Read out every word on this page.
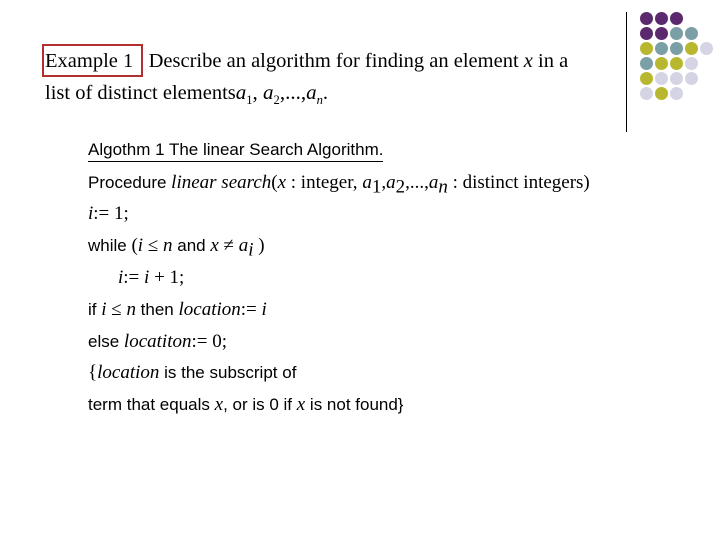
Example 1 Describe an algorithm for finding an element x in a
list of distinct elementsa$_1$, $a_2,...,a_n$.
Algothm 1 The linear Search Algorithm.
Procedure linear search(x : integer, $a_1,a_2,...,a_n$ : distinct integers)
i:= 1;
while (i ≤ n and $x \ne a_i$ )
i:= i + 1;
if i ≤ n then location:= i
else locatiton:= 0;
{location is the subscript of
term that equals x, or is 0 if x is not found}
